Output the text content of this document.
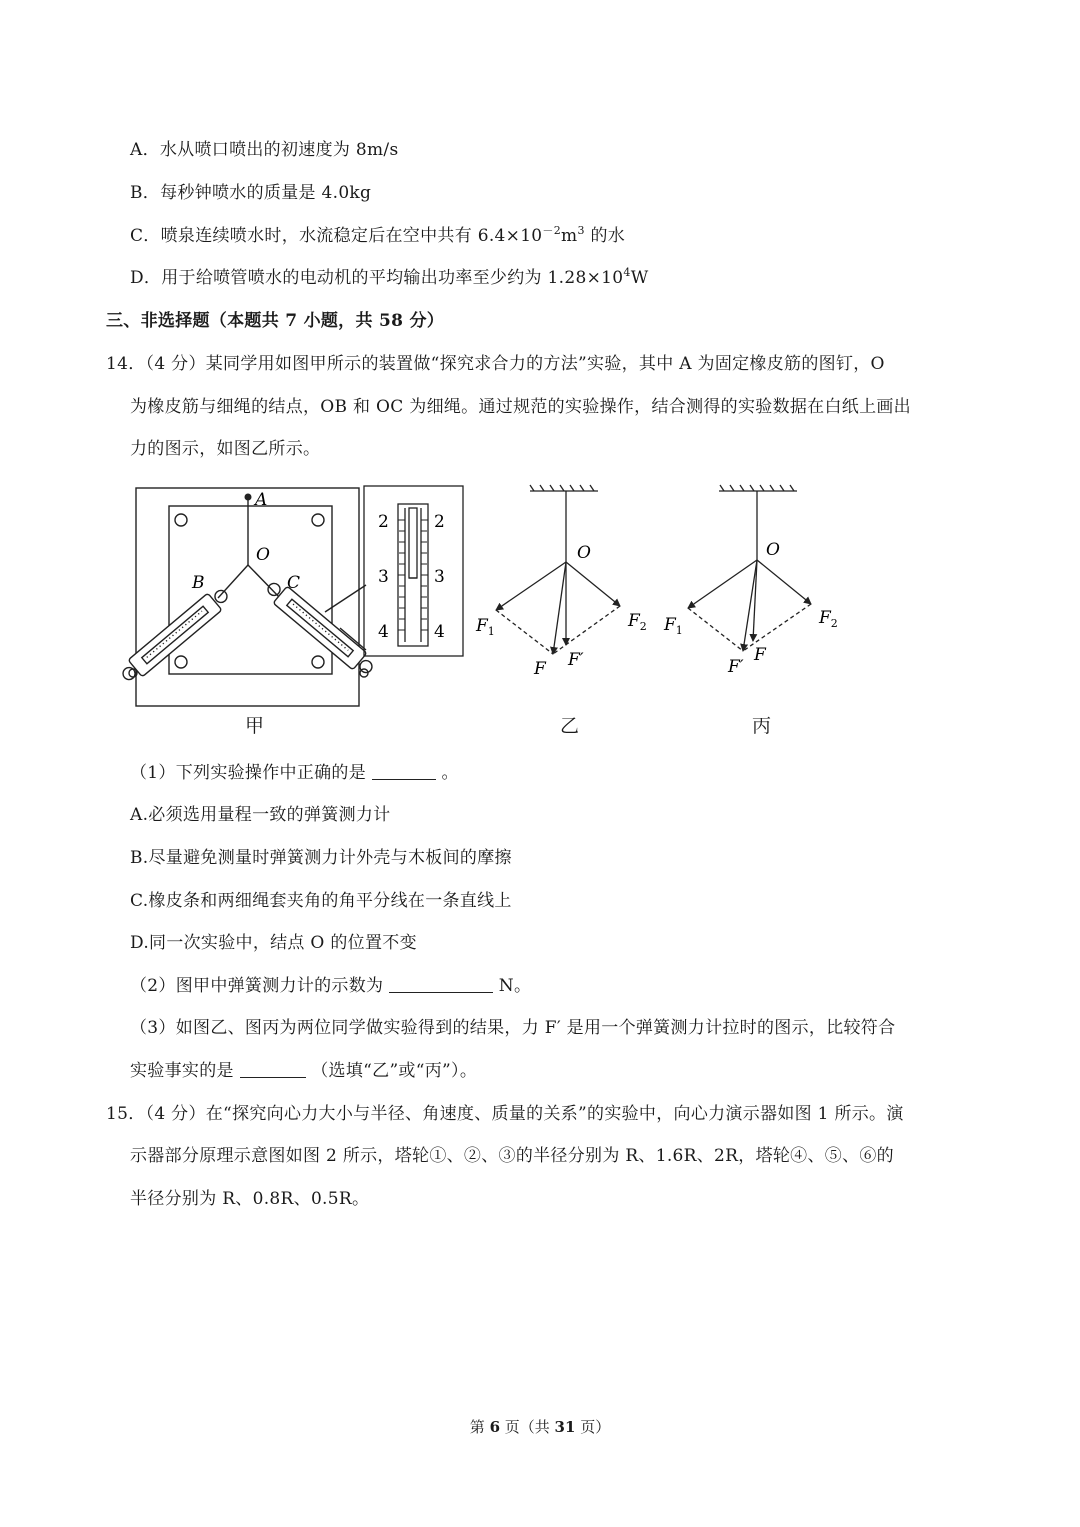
A．水从喷口喷出的初速度为 8m/s
B．每秒钟喷水的质量是 4.0kg
C．喷泉连续喷水时，水流稳定后在空中共有 $6.4\times 10^{-2}m^3$ 的水
D．用于给喷管喷水的电动机的平均输出功率至少约为 $1.28\times 10^4W$
三、非选择题（本题共 7 小题，共 58 分）
14．（4 分）某同学用如图甲所示的装置做“探究求合力的方法”实验，其中 A 为固定橡皮筋的图钉，O
为橡皮筋与细绳的结点，OB 和 OC 为细绳。通过规范的实验操作，结合测得的实验数据在白纸上画出
力的图示，如图乙所示。
A
O
B	C
2	2
3	3
4	4
O
$F_1$
$F_2$
F F′
O
$F_1$
$F_2$
F′
F
甲	乙	丙
（1）下列实验操作中正确的是	。
A.必须选用量程一致的弹簧测力计
B.尽量避免测量时弹簧测力计外壳与木板间的摩擦
C.橡皮条和两细绳套夹角的角平分线在一条直线上
D.同一次实验中，结点 O 的位置不变
（2）图甲中弹簧测力计的示数为	N。
（3）如图乙、图丙为两位同学做实验得到的结果，力 F′ 是用一个弹簧测力计拉时的图示，比较符合
实验事实的是	（选填“乙”或“丙”）。
15．（4 分）在“探究向心力大小与半径、角速度、质量的关系”的实验中，向心力演示器如图 1 所示。演
示器部分原理示意图如图 2 所示，塔轮①、②、③的半径分别为 R、1.6R、2R，塔轮④、⑤、⑥的
半径分别为 R、0.8R、0.5R。
第 6 页（共 31 页）
